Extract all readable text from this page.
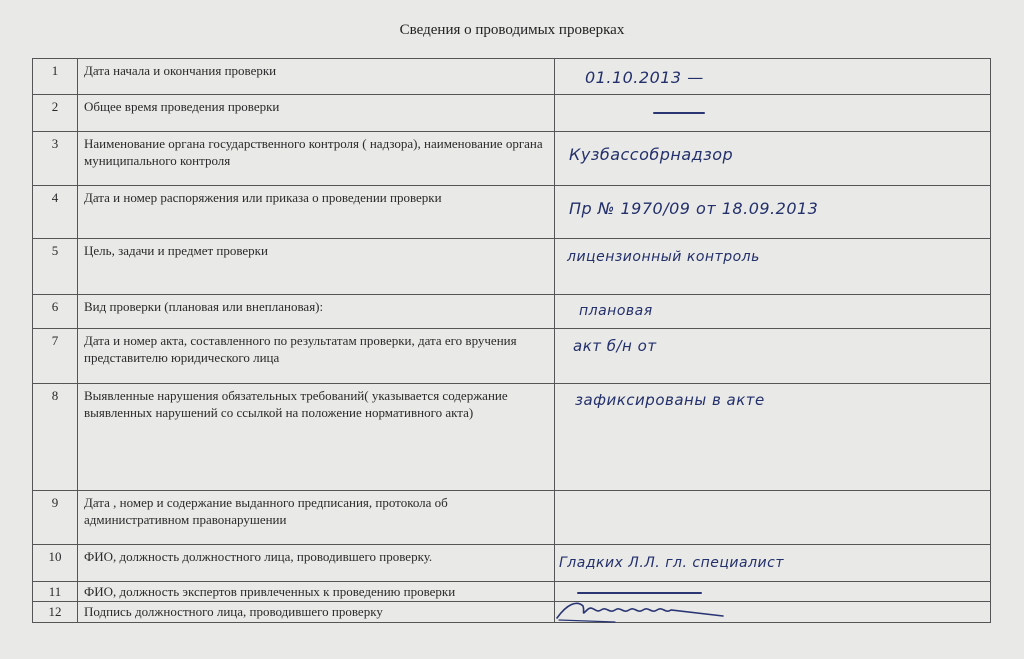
Сведения о проводимых проверках
1	Дата начала и окончания проверки	01.10.2013 —

2	Общее время проведения проверки	

3	Наименование органа государственного контроля ( надзора), наименование органа муниципального контроля	Кузбассобрнадзор

4	Дата и номер распоряжения или приказа о проведении проверки	Пр № 1970/09 от 18.09.2013

5	Цель, задачи и предмет проверки	лицензионный контроль

6	Вид проверки (плановая или внеплановая):	плановая

7	Дата и номер акта, составленного по результатам проверки, дата его вручения представителю юридического лица	акт б/н от

8	Выявленные нарушения обязательных требований( указывается содержание выявленных нарушений со ссылкой на положение нормативного акта)	зафиксированы в акте

9	Дата , номер и содержание выданного предписания, протокола об административном правонарушении	
10	ФИО, должность должностного лица, проводившего проверку.	Гладких Л.Л. гл. специалист

11	ФИО, должность экспертов привлеченных к проведению проверки	

12	Подпись должностного лица, проводившего проверку	
